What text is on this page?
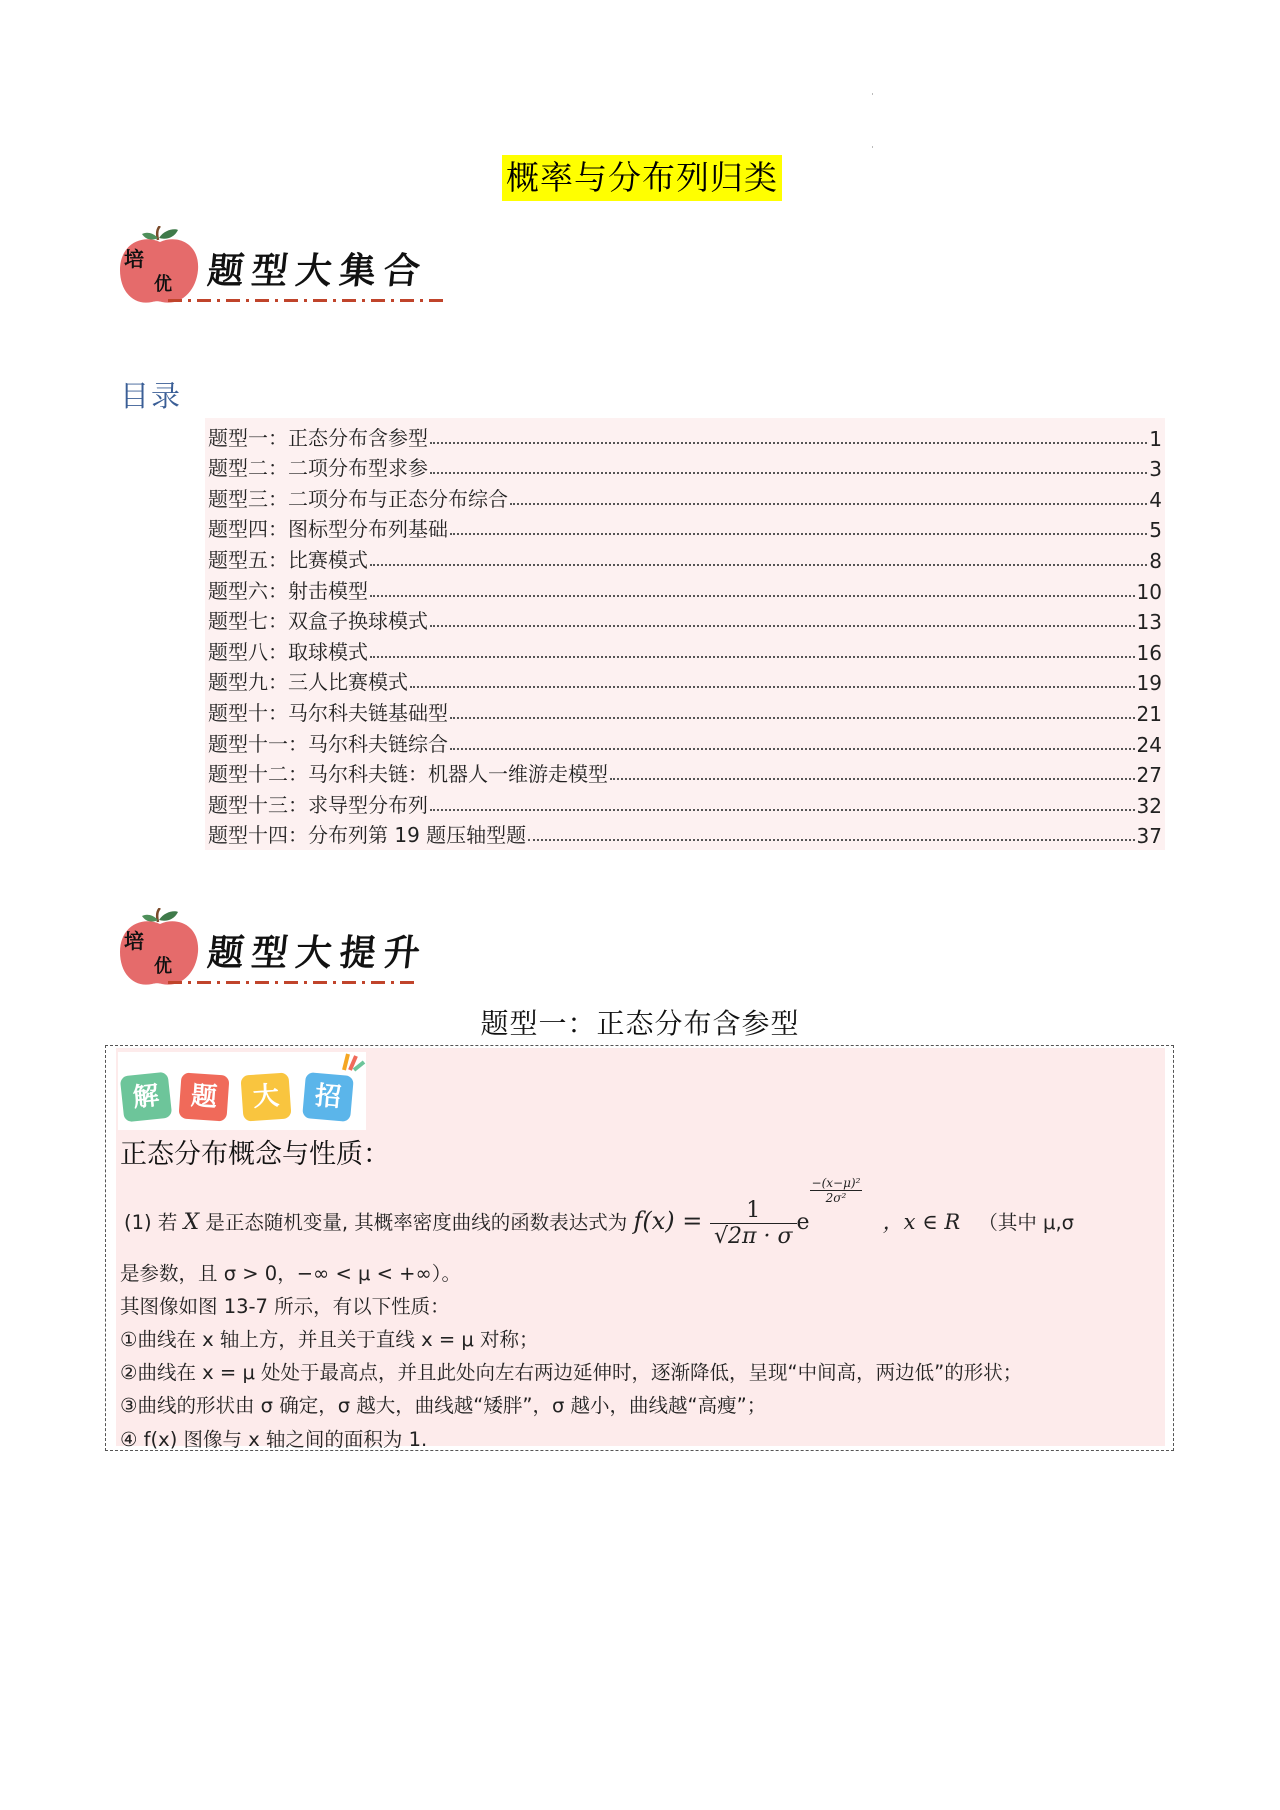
概率与分布列归类
培
优 题型大集合
目录
题型一：正态分布含参型	1
题型二：二项分布型求参	3
题型三：二项分布与正态分布综合	4
题型四：图标型分布列基础	5
题型五：比赛模式	8
题型六：射击模型	10
题型七：双盒子换球模式	13
题型八：取球模式	16
题型九：三人比赛模式	19
题型十：马尔科夫链基础型	21
题型十一：马尔科夫链综合	24
题型十二：马尔科夫链：机器人一维游走模型	27
题型十三：求导型分布列	32
题型十四：分布列第 19 题压轴型题	37
培
优 题型大提升
题型一：正态分布含参型
解	题	大	招
正态分布概念与性质：
(1) 若 X 是正态随机变量, 其概率密度曲线的函数表达式为 $f(x) = \frac{1}{√2\pi \cdot \sigma}$ e
$\frac{\text{−(x−μ)²}}{\text{2σ²}}$ ，x ∈ R （其中 μ,σ
是参数，且 σ > 0，−∞ < μ < +∞）。
其图像如图 13-7 所示，有以下性质：
①曲线在 x 轴上方，并且关于直线 x = μ 对称；
②曲线在 x = μ 处处于最高点，并且此处向左右两边延伸时，逐渐降低，呈现“中间高，两边低”的形状；
③曲线的形状由 σ 确定，σ 越大，曲线越“矮胖”，σ 越小，曲线越“高瘦”；
④ f(x) 图像与 x 轴之间的面积为 1.
